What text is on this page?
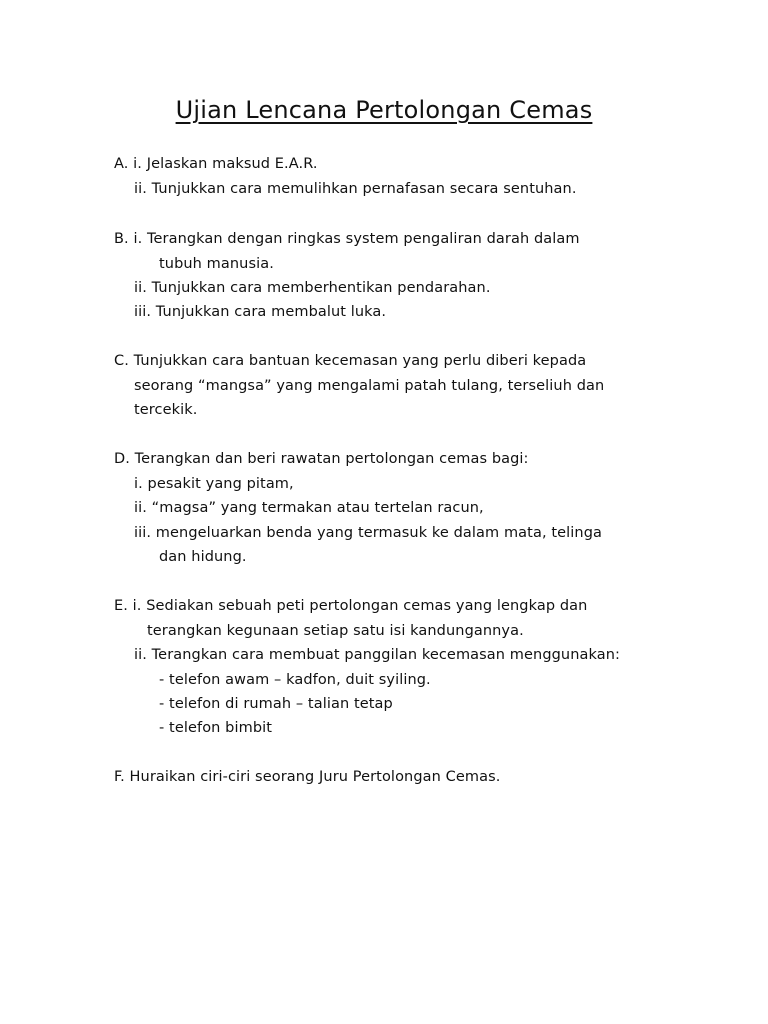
Ujian Lencana Pertolongan Cemas
A. i. Jelaskan maksud E.A.R.
ii. Tunjukkan cara memulihkan pernafasan secara sentuhan.
B. i. Terangkan dengan ringkas system pengaliran darah dalam
tubuh manusia.
ii. Tunjukkan cara memberhentikan pendarahan.
iii. Tunjukkan cara membalut luka.
C. Tunjukkan cara bantuan kecemasan yang perlu diberi kepada
seorang “mangsa” yang mengalami patah tulang, terseliuh dan
tercekik.
D. Terangkan dan beri rawatan pertolongan cemas bagi:
i. pesakit yang pitam,
ii. “magsa” yang termakan atau tertelan racun,
iii. mengeluarkan benda yang termasuk ke dalam mata, telinga
dan hidung.
E. i. Sediakan sebuah peti pertolongan cemas yang lengkap dan
terangkan kegunaan setiap satu isi kandungannya.
ii. Terangkan cara membuat panggilan kecemasan menggunakan:
- telefon awam – kadfon, duit syiling.
- telefon di rumah – talian tetap
- telefon bimbit
F. Huraikan ciri-ciri seorang Juru Pertolongan Cemas.
